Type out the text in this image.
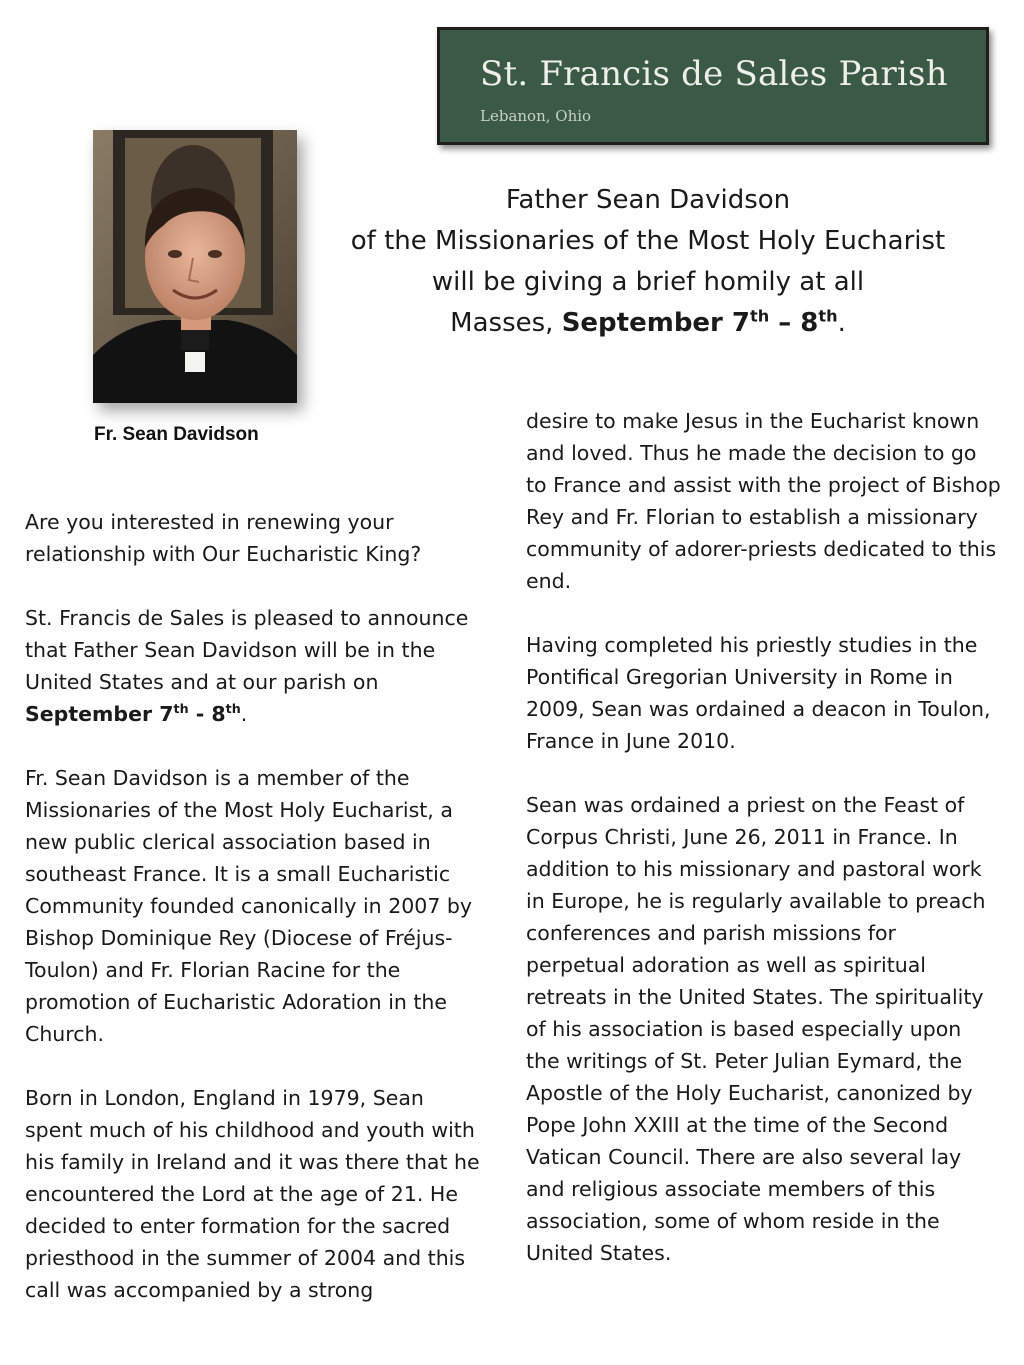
St. Francis de Sales Parish
Lebanon, Ohio
Fr. Sean Davidson
Father Sean Davidson
of the Missionaries of the Most Holy Eucharist
will be giving a brief homily at all
Masses, September 7th – 8th.

Are you interested in renewing your relationship with Our Eucharistic King?

St. Francis de Sales is pleased to announce that Father Sean Davidson will be in the United States and at our parish on September 7th - 8th.

Fr. Sean Davidson is a member of the Missionaries of the Most Holy Eucharist, a new public clerical association based in southeast France. It is a small Eucharistic Community founded canonically in 2007 by Bishop Dominique Rey (Diocese of Fréjus-Toulon) and Fr. Florian Racine for the promotion of Eucharistic Adoration in the Church.

Born in London, England in 1979, Sean spent much of his childhood and youth with his family in Ireland and it was there that he encountered the Lord at the age of 21. He decided to enter formation for the sacred priesthood in the summer of 2004 and this call was accompanied by a strong

desire to make Jesus in the Eucharist known and loved. Thus he made the decision to go to France and assist with the project of Bishop Rey and Fr. Florian to establish a missionary community of adorer-priests dedicated to this end.

Having completed his priestly studies in the Pontifical Gregorian University in Rome in 2009, Sean was ordained a deacon in Toulon, France in June 2010.

Sean was ordained a priest on the Feast of Corpus Christi, June 26, 2011 in France. In addition to his missionary and pastoral work in Europe, he is regularly available to preach conferences and parish missions for perpetual adoration as well as spiritual retreats in the United States. The spirituality of his association is based especially upon the writings of St. Peter Julian Eymard, the Apostle of the Holy Eucharist, canonized by Pope John XXIII at the time of the Second Vatican Council. There are also several lay and religious associate members of this association, some of whom reside in the United States.
